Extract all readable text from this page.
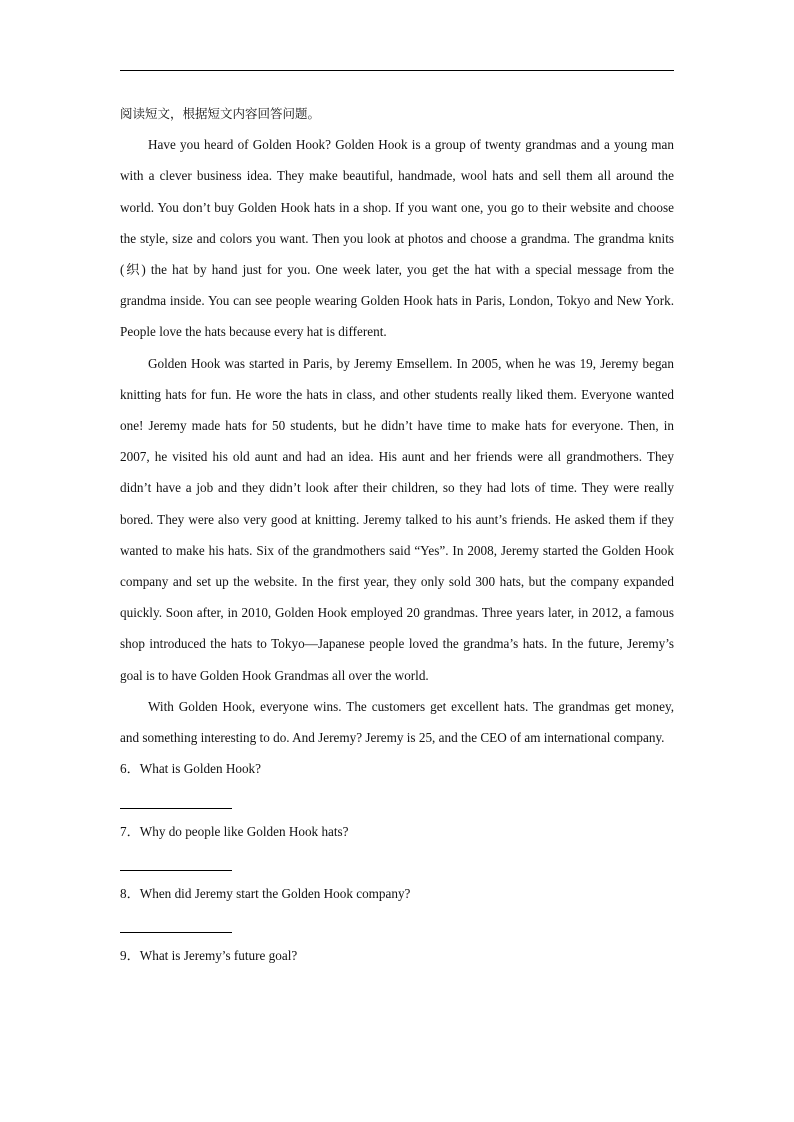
阅读短文，根据短文内容回答问题。

Have you heard of Golden Hook? Golden Hook is a group of twenty grandmas and a young man with a clever business idea. They make beautiful, handmade, wool hats and sell them all around the world. You don’t buy Golden Hook hats in a shop. If you want one, you go to their website and choose the style, size and colors you want. Then you look at photos and choose a grandma. The grandma knits (织) the hat by hand just for you. One week later, you get the hat with a special message from the grandma inside. You can see people wearing Golden Hook hats in Paris, London, Tokyo and New York. People love the hats because every hat is different.

Golden Hook was started in Paris, by Jeremy Emsellem. In 2005, when he was 19, Jeremy began knitting hats for fun. He wore the hats in class, and other students really liked them. Everyone wanted one! Jeremy made hats for 50 students, but he didn’t have time to make hats for everyone. Then, in 2007, he visited his old aunt and had an idea. His aunt and her friends were all grandmothers. They didn’t have a job and they didn’t look after their children, so they had lots of time. They were really bored. They were also very good at knitting. Jeremy talked to his aunt’s friends. He asked them if they wanted to make his hats. Six of the grandmothers said “Yes”. In 2008, Jeremy started the Golden Hook company and set up the website. In the first year, they only sold 300 hats, but the company expanded quickly. Soon after, in 2010, Golden Hook employed 20 grandmas. Three years later, in 2012, a famous shop introduced the hats to Tokyo—Japanese people loved the grandma’s hats. In the future, Jeremy’s goal is to have Golden Hook Grandmas all over the world.

With Golden Hook, everyone wins. The customers get excellent hats. The grandmas get money, and something interesting to do. And Jeremy? Jeremy is 25, and the CEO of am international company.

6．What is Golden Hook?

7．Why do people like Golden Hook hats?

8．When did Jeremy start the Golden Hook company?

9．What is Jeremy’s future goal?
